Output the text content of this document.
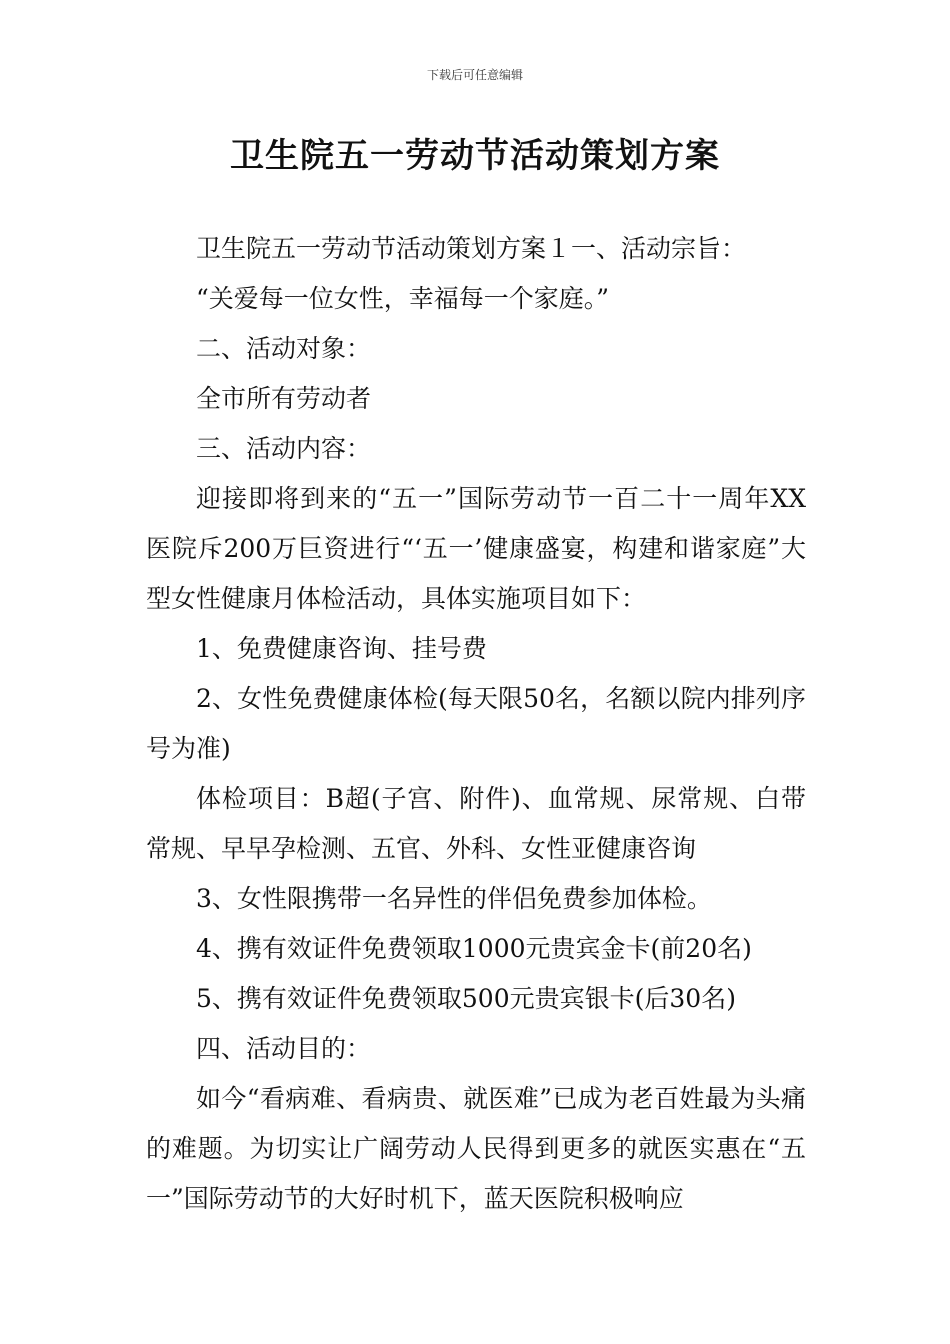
下载后可任意编辑
卫生院五一劳动节活动策划方案

卫生院五一劳动节活动策划方案１一、活动宗旨：

“关爱每一位女性，幸福每一个家庭。”

二、活动对象：

全市所有劳动者

三、活动内容：

迎接即将到来的“五一”国际劳动节一百二十一周年XX医院斥200万巨资进行“‘五一’健康盛宴，构建和谐家庭”大型女性健康月体检活动，具体实施项目如下：

1、免费健康咨询、挂号费

2、女性免费健康体检(每天限50名，名额以院内排列序号为准)

体检项目：B超(子宫、附件)、血常规、尿常规、白带常规、早早孕检测、五官、外科、女性亚健康咨询

3、女性限携带一名异性的伴侣免费参加体检。

4、携有效证件免费领取1000元贵宾金卡(前20名)

5、携有效证件免费领取500元贵宾银卡(后30名)

四、活动目的：

如今“看病难、看病贵、就医难”已成为老百姓最为头痛的难题。为切实让广阔劳动人民得到更多的就医实惠在“五一”国际劳动节的大好时机下，蓝天医院积极响应
